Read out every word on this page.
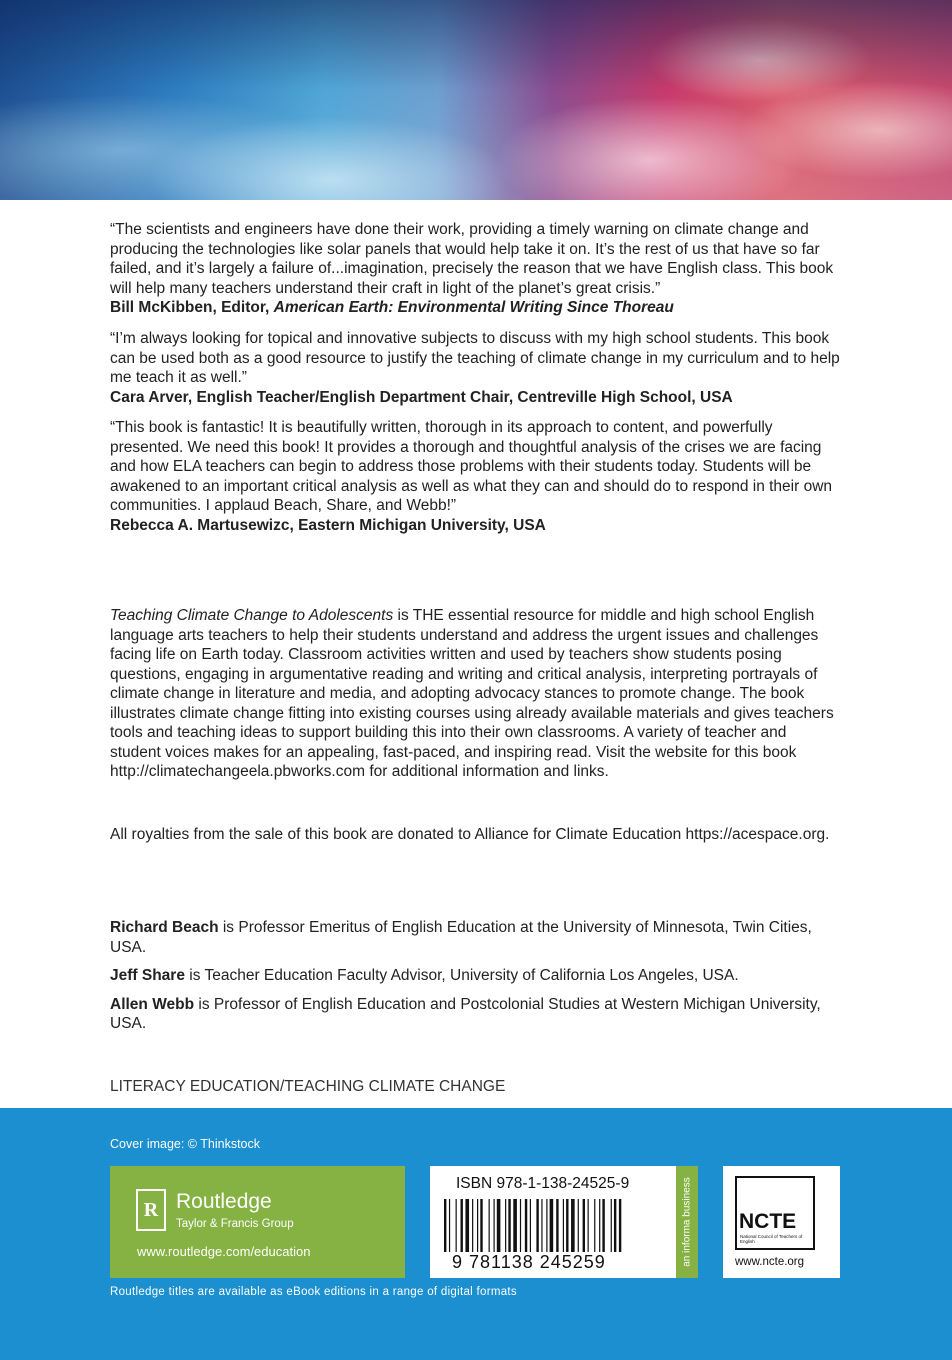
“The scientists and engineers have done their work, providing a timely warning on climate change and producing the technologies like solar panels that would help take it on. It’s the rest of us that have so far failed, and it’s largely a failure of...imagination, precisely the reason that we have English class. This book will help many teachers understand their craft in light of the planet’s great crisis.”

Bill McKibben, Editor, American Earth: Environmental Writing Since Thoreau

“I’m always looking for topical and innovative subjects to discuss with my high school students. This book can be used both as a good resource to justify the teaching of climate change in my curriculum and to help me teach it as well.”

Cara Arver, English Teacher/English Department Chair, Centreville High School, USA

“This book is fantastic! It is beautifully written, thorough in its approach to content, and powerfully presented. We need this book! It provides a thorough and thoughtful analysis of the crises we are facing and how ELA teachers can begin to address those problems with their students today. Students will be awakened to an important critical analysis as well as what they can and should do to respond in their own communities. I applaud Beach, Share, and Webb!”

Rebecca A. Martusewizc, Eastern Michigan University, USA

Teaching Climate Change to Adolescents is THE essential resource for middle and high school English language arts teachers to help their students understand and address the urgent issues and challenges facing life on Earth today. Classroom activities written and used by teachers show students posing questions, engaging in argumentative reading and writing and critical analysis, interpreting portrayals of climate change in literature and media, and adopting advocacy stances to promote change. The book illustrates climate change fitting into existing courses using already available materials and gives teachers tools and teaching ideas to support building this into their own classrooms. A variety of teacher and student voices makes for an appealing, fast-paced, and inspiring read. Visit the website for this book http://climatechangeela.pbworks.com for additional information and links.

All royalties from the sale of this book are donated to Alliance for Climate Education https://acespace.org.

Richard Beach is Professor Emeritus of English Education at the University of Minnesota, Twin Cities, USA.

Jeff Share is Teacher Education Faculty Advisor, University of California Los Angeles, USA.

Allen Webb is Professor of English Education and Postcolonial Studies at Western Michigan University, USA.

LITERACY EDUCATION/TEACHING CLIMATE CHANGE
Cover image: © Thinkstock
R Routledge
Taylor & Francis Group
www.routledge.com/education
ISBN 978-1-138-24525-9
9 781138 245259	an informa business NCTE
National Council of Teachers of English
www.ncte.org
Routledge titles are available as eBook editions in a range of digital formats
